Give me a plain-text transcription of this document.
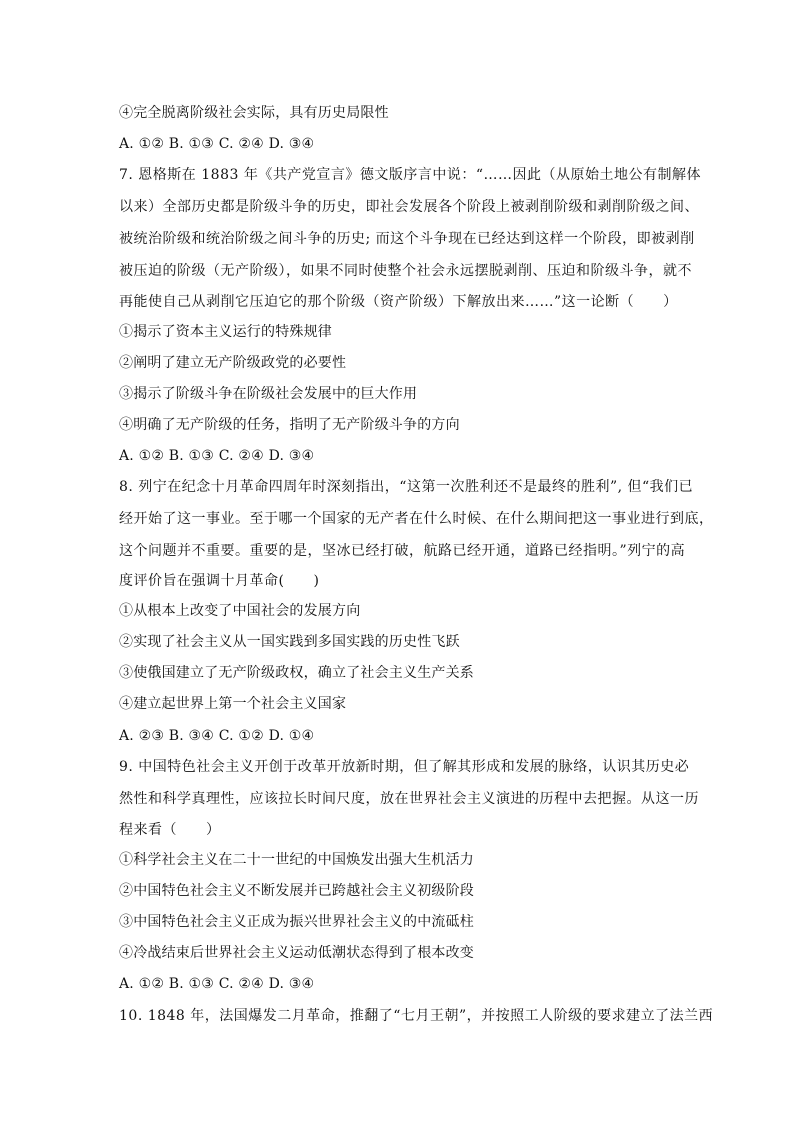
④完全脱离阶级社会实际，具有历史局限性
A. ①② B. ①③ C. ②④ D. ③④
7. 恩格斯在 1883 年《共产党宣言》德文版序言中说：“……因此（从原始土地公有制解体
以来）全部历史都是阶级斗争的历史，即社会发展各个阶段上被剥削阶级和剥削阶级之间、
被统治阶级和统治阶级之间斗争的历史; 而这个斗争现在已经达到这样一个阶段，即被剥削
被压迫的阶级（无产阶级），如果不同时使整个社会永远摆脱剥削、压迫和阶级斗争，就不
再能使自己从剥削它压迫它的那个阶级（资产阶级）下解放出来……”这一论断（　　）
①揭示了资本主义运行的特殊规律
②阐明了建立无产阶级政党的必要性
③揭示了阶级斗争在阶级社会发展中的巨大作用
④明确了无产阶级的任务，指明了无产阶级斗争的方向
A. ①② B. ①③ C. ②④ D. ③④
8. 列宁在纪念十月革命四周年时深刻指出，“这第一次胜利还不是最终的胜利”, 但“我们已
经开始了这一事业。至于哪一个国家的无产者在什么时候、在什么期间把这一事业进行到底，
这个问题并不重要。重要的是，坚冰已经打破，航路已经开通，道路已经指明。”列宁的高
度评价旨在强调十月革命(　　)
①从根本上改变了中国社会的发展方向
②实现了社会主义从一国实践到多国实践的历史性飞跃
③使俄国建立了无产阶级政权，确立了社会主义生产关系
④建立起世界上第一个社会主义国家
A. ②③ B. ③④ C. ①② D. ①④
9. 中国特色社会主义开创于改革开放新时期，但了解其形成和发展的脉络，认识其历史必
然性和科学真理性，应该拉长时间尺度，放在世界社会主义演进的历程中去把握。从这一历
程来看（　　）
①科学社会主义在二十一世纪的中国焕发出强大生机活力
②中国特色社会主义不断发展并已跨越社会主义初级阶段
③中国特色社会主义正成为振兴世界社会主义的中流砥柱
④冷战结束后世界社会主义运动低潮状态得到了根本改变
A. ①② B. ①③ C. ②④ D. ③④
10. 1848 年，法国爆发二月革命，推翻了“七月王朝”，并按照工人阶级的要求建立了法兰西
